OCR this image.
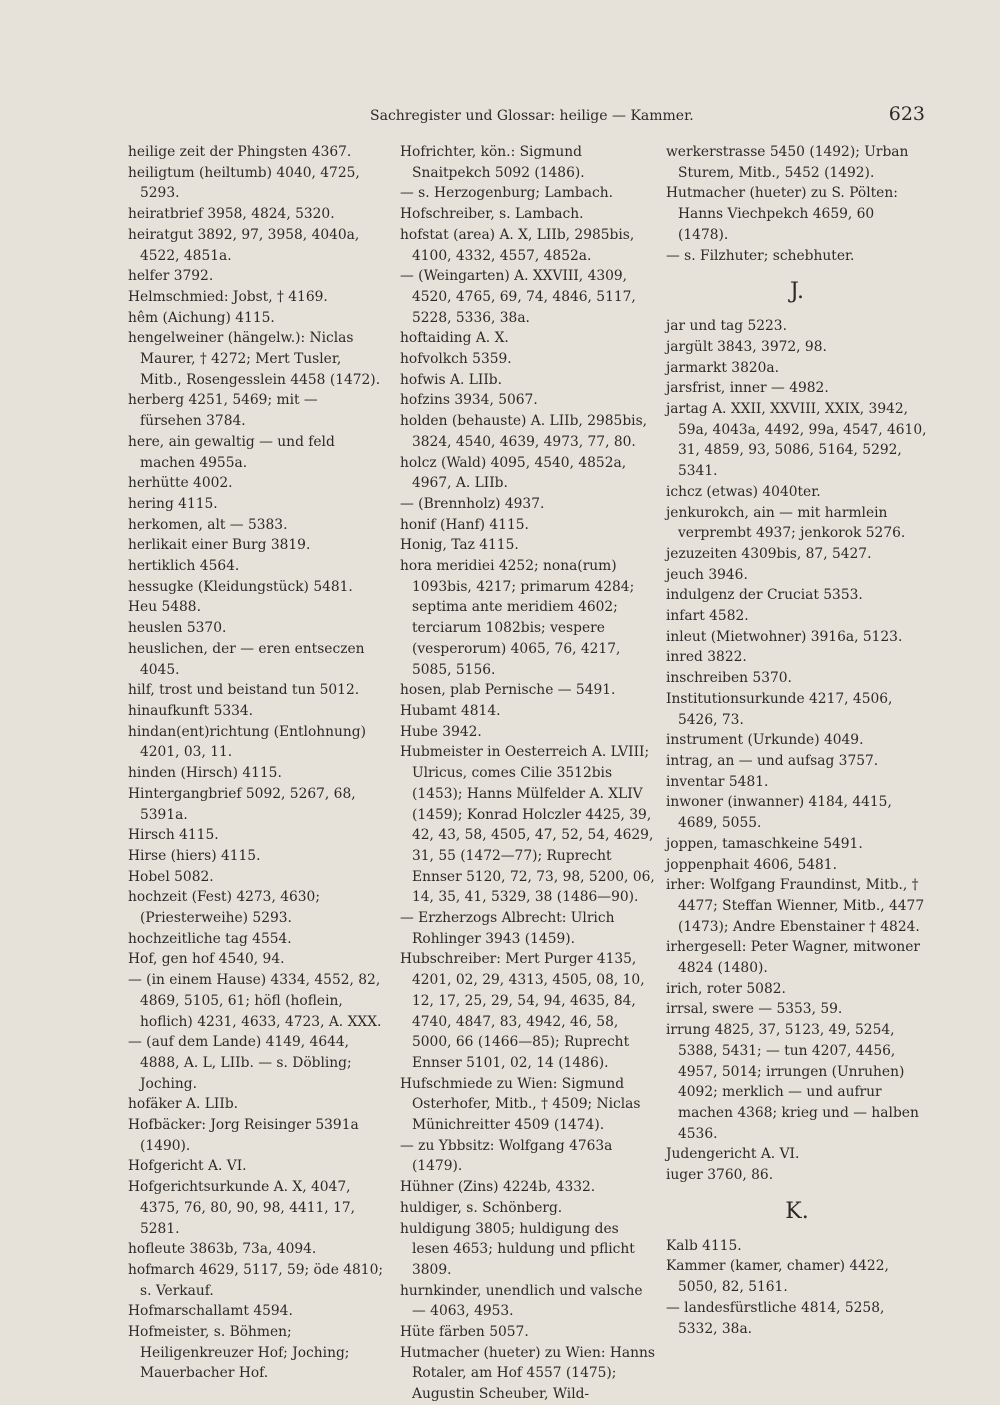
Sachregister und Glossar: heilige — Kammer.	623

heilige zeit der Phingsten 4367.

heiligtum (heiltumb) 4040, 4725, 5293.

heiratbrief 3958, 4824, 5320.

heiratgut 3892, 97, 3958, 4040a, 4522, 4851a.

helfer 3792.

Helmschmied: Jobst, † 4169.

hêm (Aichung) 4115.

hengelweiner (hängelw.): Niclas Maurer, † 4272; Mert Tusler, Mitb., Rosengesslein 4458 (1472).

herberg 4251, 5469; mit — fürsehen 3784.

here, ain gewaltig — und feld machen 4955a.

herhütte 4002.

hering 4115.

herkomen, alt — 5383.

herlikait einer Burg 3819.

hertiklich 4564.

hessugke (Kleidungstück) 5481.

Heu 5488.

heuslen 5370.

heuslichen, der — eren entseczen 4045.

hilf, trost und beistand tun 5012.

hinaufkunft 5334.

hindan(ent)richtung (Entlohnung) 4201, 03, 11.

hinden (Hirsch) 4115.

Hintergangbrief 5092, 5267, 68, 5391a.

Hirsch 4115.

Hirse (hiers) 4115.

Hobel 5082.

hochzeit (Fest) 4273, 4630; (Priesterweihe) 5293.

hochzeitliche tag 4554.

Hof, gen hof 4540, 94.

— (in einem Hause) 4334, 4552, 82, 4869, 5105, 61; höfl (hoflein, hoflich) 4231, 4633, 4723, A. XXX.

— (auf dem Lande) 4149, 4644, 4888, A. L, LIIb. — s. Döbling; Joching.

hofäker A. LIIb.

Hofbäcker: Jorg Reisinger 5391a (1490).

Hofgericht A. VI.

Hofgerichtsurkunde A. X, 4047, 4375, 76, 80, 90, 98, 4411, 17, 5281.

hofleute 3863b, 73a, 4094.

hofmarch 4629, 5117, 59; öde 4810; s. Verkauf.

Hofmarschallamt 4594.

Hofmeister, s. Böhmen; Heiligenkreuzer Hof; Joching; Mauerbacher Hof.

Hofrichter, kön.: Sigmund Snaitpekch 5092 (1486).

— s. Herzogenburg; Lambach.

Hofschreiber, s. Lambach.

hofstat (area) A. X, LIIb, 2985bis, 4100, 4332, 4557, 4852a.

— (Weingarten) A. XXVIII, 4309, 4520, 4765, 69, 74, 4846, 5117, 5228, 5336, 38a.

hoftaiding A. X.

hofvolkch 5359.

hofwis A. LIIb.

hofzins 3934, 5067.

holden (behauste) A. LIIb, 2985bis, 3824, 4540, 4639, 4973, 77, 80.

holcz (Wald) 4095, 4540, 4852a, 4967, A. LIIb.

— (Brennholz) 4937.

honif (Hanf) 4115.

Honig, Taz 4115.

hora meridiei 4252; nona(rum) 1093bis, 4217; primarum 4284; septima ante meridiem 4602; terciarum 1082bis; vespere (vesperorum) 4065, 76, 4217, 5085, 5156.

hosen, plab Pernische — 5491.

Hubamt 4814.

Hube 3942.

Hubmeister in Oesterreich A. LVIII; Ulricus, comes Cilie 3512bis (1453); Hanns Mülfelder A. XLIV (1459); Konrad Holczler 4425, 39, 42, 43, 58, 4505, 47, 52, 54, 4629, 31, 55 (1472—77); Ruprecht Ennser 5120, 72, 73, 98, 5200, 06, 14, 35, 41, 5329, 38 (1486—90).

— Erzherzogs Albrecht: Ulrich Rohlinger 3943 (1459).

Hubschreiber: Mert Purger 4135, 4201, 02, 29, 4313, 4505, 08, 10, 12, 17, 25, 29, 54, 94, 4635, 84, 4740, 4847, 83, 4942, 46, 58, 5000, 66 (1466—85); Ruprecht Ennser 5101, 02, 14 (1486).

Hufschmiede zu Wien: Sigmund Osterhofer, Mitb., † 4509; Niclas Münichreitter 4509 (1474).

— zu Ybbsitz: Wolfgang 4763a (1479).

Hühner (Zins) 4224b, 4332.

huldiger, s. Schönberg.

huldigung 3805; huldigung des lesen 4653; huldung und pflicht 3809.

hurnkinder, unendlich und valsche — 4063, 4953.

Hüte färben 5057.

Hutmacher (hueter) zu Wien: Hanns Rotaler, am Hof 4557 (1475); Augustin Scheuber, Wild-

werkerstrasse 5450 (1492); Urban Sturem, Mitb., 5452 (1492).

Hutmacher (hueter) zu S. Pölten: Hanns Viechpekch 4659, 60 (1478).

— s. Filzhuter; schebhuter.

J.

jar und tag 5223.

jargült 3843, 3972, 98.

jarmarkt 3820a.

jarsfrist, inner — 4982.

jartag A. XXII, XXVIII, XXIX, 3942, 59a, 4043a, 4492, 99a, 4547, 4610, 31, 4859, 93, 5086, 5164, 5292, 5341.

ichcz (etwas) 4040ter.

jenkurokch, ain — mit harmlein verprembt 4937; jenkorok 5276.

jezuzeiten 4309bis, 87, 5427.

jeuch 3946.

indulgenz der Cruciat 5353.

infart 4582.

inleut (Mietwohner) 3916a, 5123.

inred 3822.

inschreiben 5370.

Institutionsurkunde 4217, 4506, 5426, 73.

instrument (Urkunde) 4049.

intrag, an — und aufsag 3757.

inventar 5481.

inwoner (inwanner) 4184, 4415, 4689, 5055.

joppen, tamaschkeine 5491.

joppenphait 4606, 5481.

irher: Wolfgang Fraundinst, Mitb., † 4477; Steffan Wienner, Mitb., 4477 (1473); Andre Ebenstainer † 4824.

irhergesell: Peter Wagner, mitwoner 4824 (1480).

irich, roter 5082.

irrsal, swere — 5353, 59.

irrung 4825, 37, 5123, 49, 5254, 5388, 5431; — tun 4207, 4456, 4957, 5014; irrungen (Unruhen) 4092; merklich — und aufrur machen 4368; krieg und — halben 4536.

Judengericht A. VI.

iuger 3760, 86.

K.

Kalb 4115.

Kammer (kamer, chamer) 4422, 5050, 82, 5161.

— landesfürstliche 4814, 5258, 5332, 38a.
